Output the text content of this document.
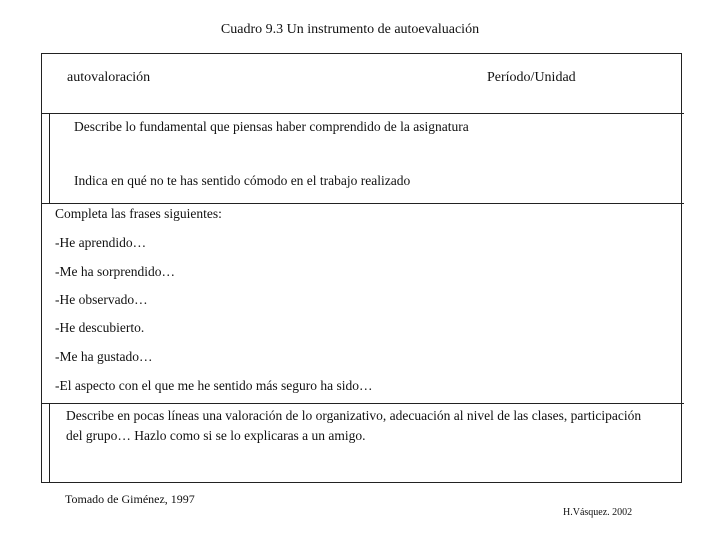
Cuadro 9.3 Un instrumento de autoevaluación
autovaloración	Período/Unidad
Describe lo fundamental que piensas haber comprendido de la asignatura
Indica en qué no te has sentido cómodo en el trabajo realizado
Completa las frases siguientes:
-He aprendido…
-Me ha sorprendido…
-He observado…
-He descubierto.
-Me ha gustado…
-El aspecto con el que me he sentido más seguro ha sido…
Describe en pocas líneas una valoración de lo organizativo, adecuación al nivel de las clases, participación del grupo… Hazlo como si se lo explicaras a un amigo.
Tomado de Giménez, 1997
H.Vásquez. 2002
